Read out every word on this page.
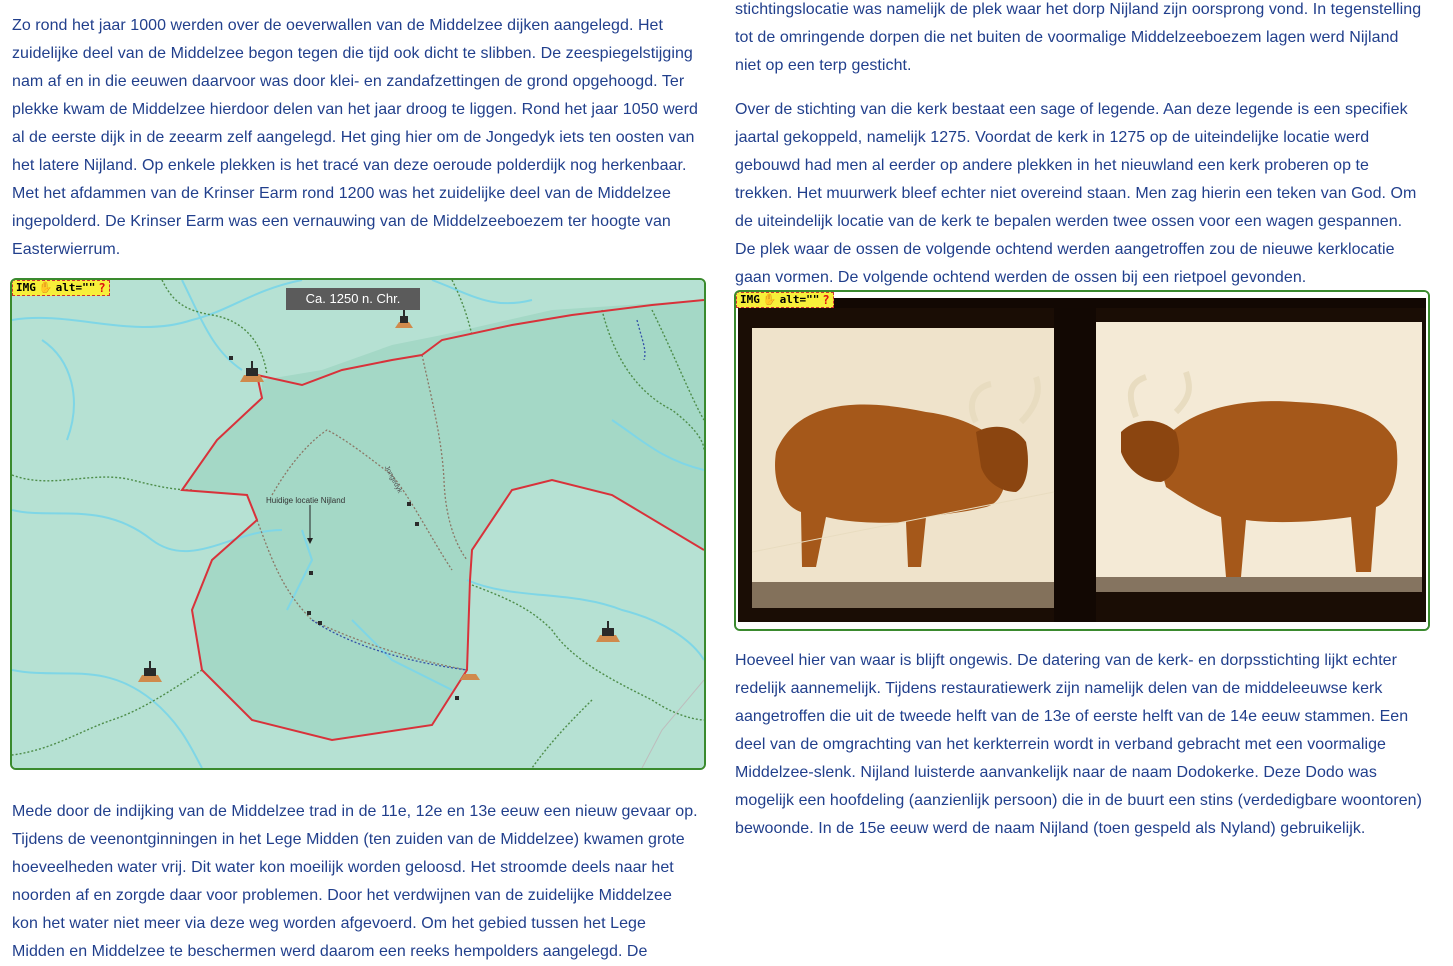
Zo rond het jaar 1000 werden over de oeverwallen van de Middelzee dijken aangelegd. Het zuidelijke deel van de Middelzee begon tegen die tijd ook dicht te slibben. De zeespiegelstijging nam af en in die eeuwen daarvoor was door klei- en zandafzettingen de grond opgehoogd. Ter plekke kwam de Middelzee hierdoor delen van het jaar droog te liggen. Rond het jaar 1050 werd al de eerste dijk in de zeearm zelf aangelegd. Het ging hier om de Jongedyk iets ten oosten van het latere Nijland. Op enkele plekken is het tracé van deze oeroude polderdijk nog herkenbaar. Met het afdammen van de Krinser Earm rond 1200 was het zuidelijke deel van de Middelzee ingepolderd. De Krinser Earm was een vernauwing van de Middelzeeboezem ter hoogte van Easterwierrum.

IMG ✋ alt="" ?
Ca. 1250 n. Chr.
Huidige locatie Nijland
Jongedyk

Mede door de indijking van de Middelzee trad in de 11e, 12e en 13e eeuw een nieuw gevaar op. Tijdens de veenontginningen in het Lege Midden (ten zuiden van de Middelzee) kwamen grote hoeveelheden water vrij. Dit water kon moeilijk worden geloosd. Het stroomde deels naar het noorden af en zorgde daar voor problemen. Door het verdwijnen van de zuidelijke Middelzee kon het water niet meer via deze weg worden afgevoerd. Om het gebied tussen het Lege Midden en Middelzee te beschermen werd daarom een reeks hempolders aangelegd. De

stichtingslocatie was namelijk de plek waar het dorp Nijland zijn oorsprong vond. In tegenstelling tot de omringende dorpen die net buiten de voormalige Middelzeeboezem lagen werd Nijland niet op een terp gesticht.

Over de stichting van die kerk bestaat een sage of legende. Aan deze legende is een specifiek jaartal gekoppeld, namelijk 1275. Voordat de kerk in 1275 op de uiteindelijke locatie werd gebouwd had men al eerder op andere plekken in het nieuwland een kerk proberen op te trekken. Het muurwerk bleef echter niet overeind staan. Men zag hierin een teken van God. Om de uiteindelijk locatie van de kerk te bepalen werden twee ossen voor een wagen gespannen. De plek waar de ossen de volgende ochtend werden aangetroffen zou de nieuwe kerklocatie gaan vormen. De volgende ochtend werden de ossen bij een rietpoel gevonden.

IMG ✋ alt="" ?

Hoeveel hier van waar is blijft ongewis. De datering van de kerk- en dorpsstichting lijkt echter redelijk aannemelijk. Tijdens restauratiewerk zijn namelijk delen van de middeleeuwse kerk aangetroffen die uit de tweede helft van de 13e of eerste helft van de 14e eeuw stammen. Een deel van de omgrachting van het kerkterrein wordt in verband gebracht met een voormalige Middelzee-slenk. Nijland luisterde aanvankelijk naar de naam Dodokerke. Deze Dodo was mogelijk een hoofdeling (aanzienlijk persoon) die in de buurt een stins (verdedigbare woontoren) bewoonde. In de 15e eeuw werd de naam Nijland (toen gespeld als Nyland) gebruikelijk.
